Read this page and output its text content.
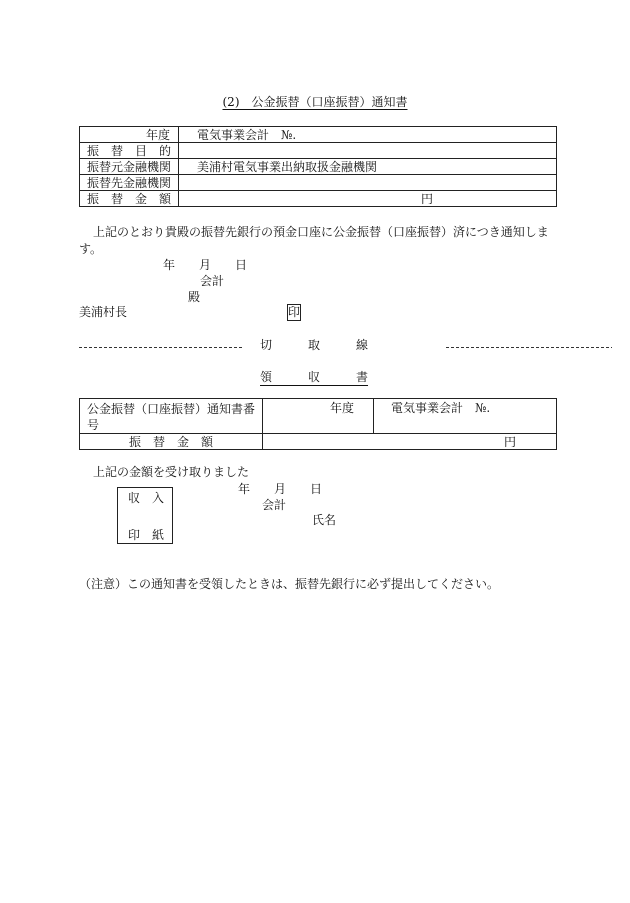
(2)　公金振替（口座振替）通知書
年度	電気事業会計　№.
振　替　目　的	
振替元金融機関	美浦村電気事業出納取扱金融機関
振替先金融機関	
振　替　金　額	円
上記のとおり貴殿の振替先銀行の預金口座に公金振替（口座振替）済につき通知しま
す。
年　　月　　日
会計
殿
美浦村長	印
切　　　取　　　線
領　　　収　　　書
公金振替（口座振替）通知書番
号	年度	電気事業会計　№.
振　替　金　額	円	
上記の金額を受け取りました
収　入
印　紙
年　　月　　日
会計
氏名
（注意）この通知書を受領したときは、振替先銀行に必ず提出してください。
